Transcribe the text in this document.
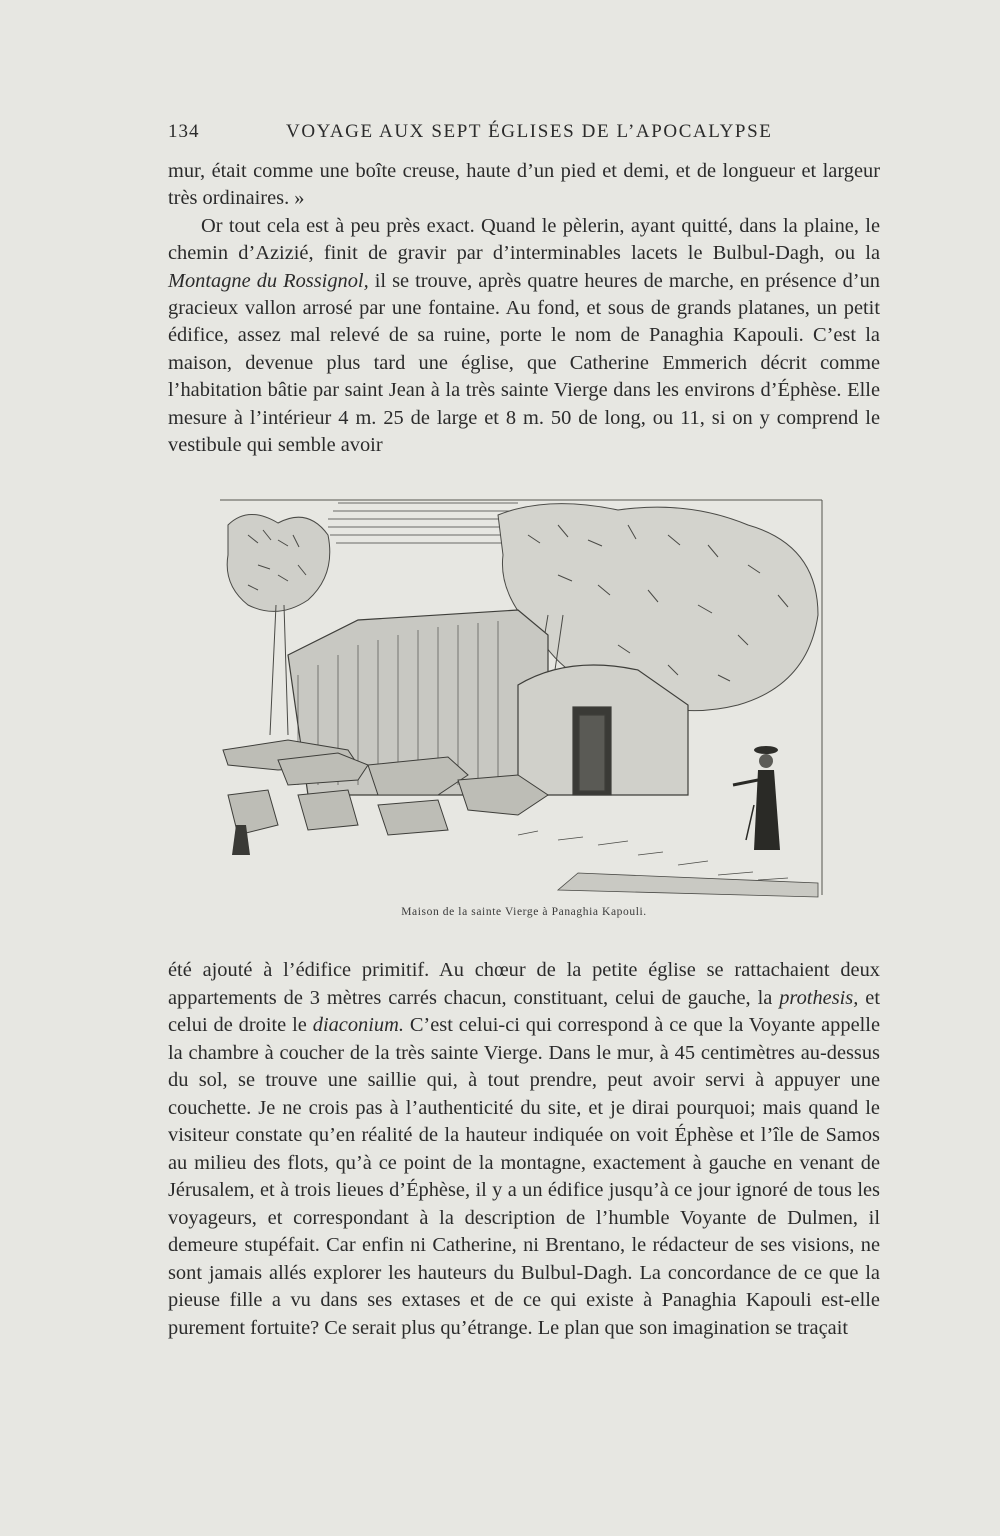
134	VOYAGE AUX SEPT ÉGLISES DE L’APOCALYPSE

mur, était comme une boîte creuse, haute d’un pied et demi, et de longueur et largeur très ordinaires. »

Or tout cela est à peu près exact. Quand le pèlerin, ayant quitté, dans la plaine, le chemin d’Azizié, finit de gravir par d’interminables lacets le Bulbul-Dagh, ou la Montagne du Rossignol, il se trouve, après quatre heures de marche, en présence d’un gracieux vallon arrosé par une fontaine. Au fond, et sous de grands platanes, un petit édifice, assez mal relevé de sa ruine, porte le nom de Panaghia Kapouli. C’est la maison, devenue plus tard une église, que Catherine Emmerich décrit comme l’habitation bâtie par saint Jean à la très sainte Vierge dans les environs d’Éphèse. Elle mesure à l’intérieur 4 m. 25 de large et 8 m. 50 de long, ou 11, si on y comprend le vestibule qui semble avoir

Maison de la sainte Vierge à Panaghia Kapouli.

été ajouté à l’édifice primitif. Au chœur de la petite église se rattachaient deux appartements de 3 mètres carrés chacun, constituant, celui de gauche, la prothesis, et celui de droite le diaconium. C’est celui-ci qui correspond à ce que la Voyante appelle la chambre à coucher de la très sainte Vierge. Dans le mur, à 45 centimètres au-dessus du sol, se trouve une saillie qui, à tout prendre, peut avoir servi à appuyer une couchette. Je ne crois pas à l’authenticité du site, et je dirai pourquoi; mais quand le visiteur constate qu’en réalité de la hauteur indiquée on voit Éphèse et l’île de Samos au milieu des flots, qu’à ce point de la montagne, exactement à gauche en venant de Jérusalem, et à trois lieues d’Éphèse, il y a un édifice jusqu’à ce jour ignoré de tous les voyageurs, et correspondant à la description de l’humble Voyante de Dulmen, il demeure stupéfait. Car enfin ni Catherine, ni Brentano, le rédacteur de ses visions, ne sont jamais allés explorer les hauteurs du Bulbul-Dagh. La concordance de ce que la pieuse fille a vu dans ses extases et de ce qui existe à Panaghia Kapouli est-elle purement fortuite? Ce serait plus qu’étrange. Le plan que son imagination se traçait
